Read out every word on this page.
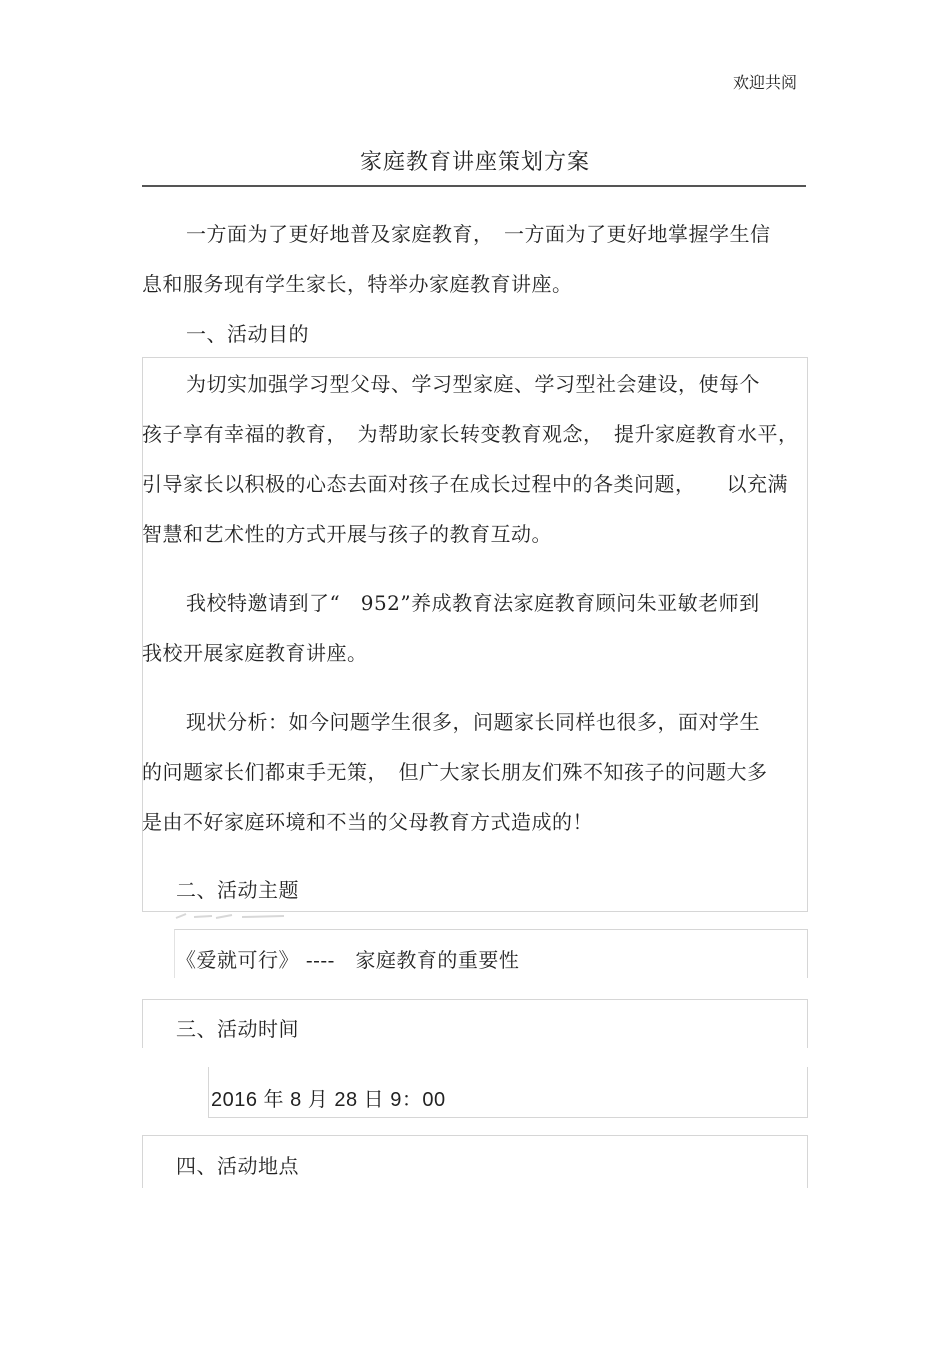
欢迎共阅
家庭教育讲座策划方案
一方面为了更好地普及家庭教育，　一方面为了更好地掌握学生信
息和服务现有学生家长，特举办家庭教育讲座。
一、活动目的
为切实加强学习型父母、学习型家庭、学习型社会建设，使每个
孩子享有幸福的教育，　为帮助家长转变教育观念，　提升家庭教育水平，
引导家长以积极的心态去面对孩子在成长过程中的各类问题，　　以充满
智慧和艺术性的方式开展与孩子的教育互动。
我校特邀请到了“　952”养成教育法家庭教育顾问朱亚敏老师到
我校开展家庭教育讲座。
现状分析：如今问题学生很多，问题家长同样也很多，面对学生
的问题家长们都束手无策，　但广大家长朋友们殊不知孩子的问题大多
是由不好家庭环境和不当的父母教育方式造成的！
二、活动主题
《爱就可行》 ----　家庭教育的重要性
三、活动时间
2016 年 8 月 28 日 9：00
四、活动地点
